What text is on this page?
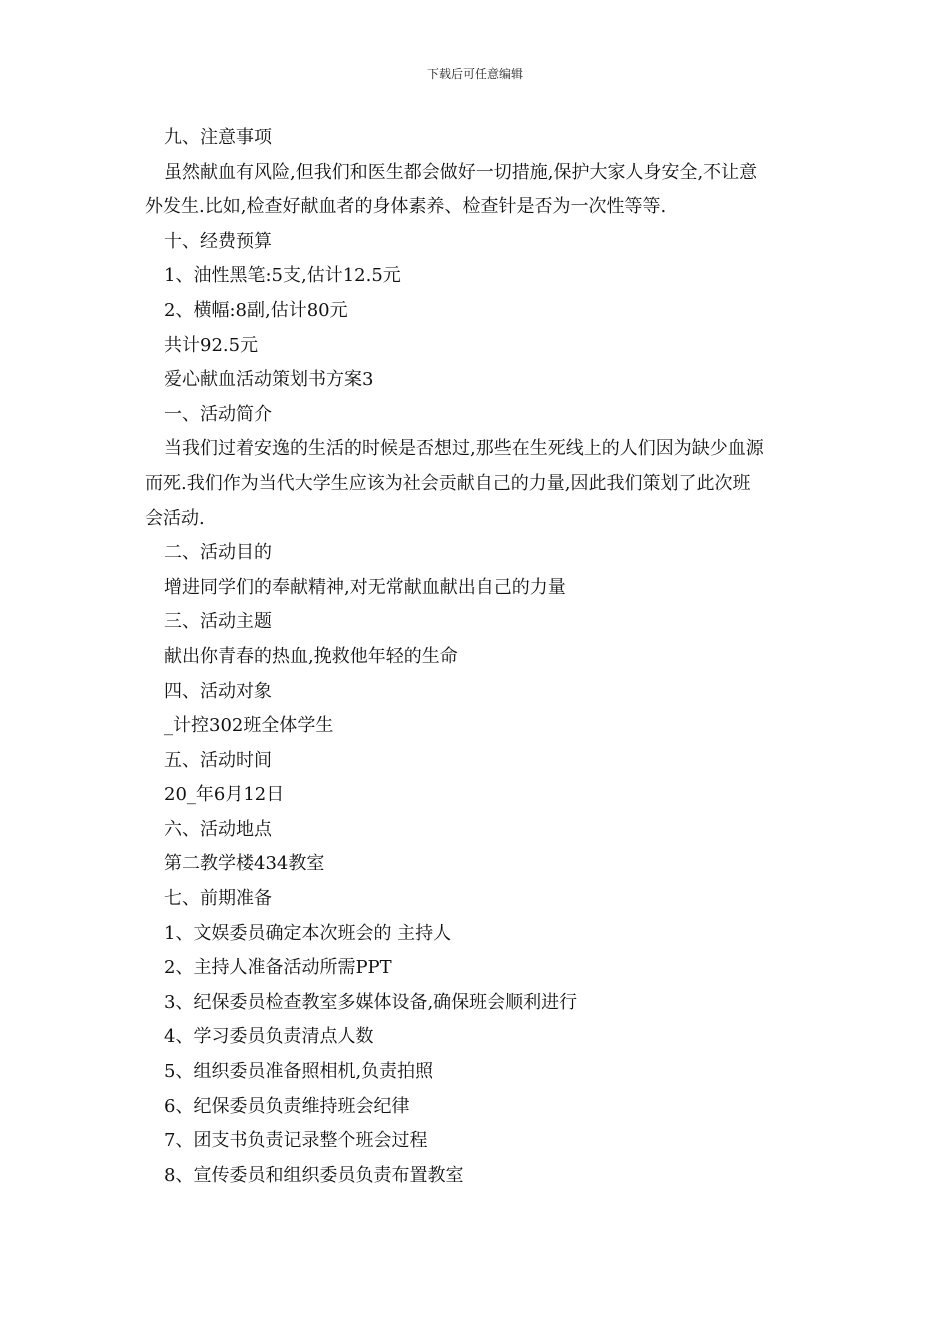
下载后可任意编辑
九、注意事项
虽然献血有风险,但我们和医生都会做好一切措施,保护大家人身安全,不让意
外发生.比如,检查好献血者的身体素养、检查针是否为一次性等等.
十、经费预算
1、油性黑笔:5支,估计12.5元
2、横幅:8副,估计80元
共计92.5元
爱心献血活动策划书方案3
一、活动简介
当我们过着安逸的生活的时候是否想过,那些在生死线上的人们因为缺少血源
而死.我们作为当代大学生应该为社会贡献自己的力量,因此我们策划了此次班
会活动.
二、活动目的
增进同学们的奉献精神,对无常献血献出自己的力量
三、活动主题
献出你青春的热血,挽救他年轻的生命
四、活动对象
_计控302班全体学生
五、活动时间
20_年6月12日
六、活动地点
第二教学楼434教室
七、前期准备
1、文娱委员确定本次班会的 主持人
2、主持人准备活动所需PPT
3、纪保委员检查教室多媒体设备,确保班会顺利进行
4、学习委员负责清点人数
5、组织委员准备照相机,负责拍照
6、纪保委员负责维持班会纪律
7、团支书负责记录整个班会过程
8、宣传委员和组织委员负责布置教室
